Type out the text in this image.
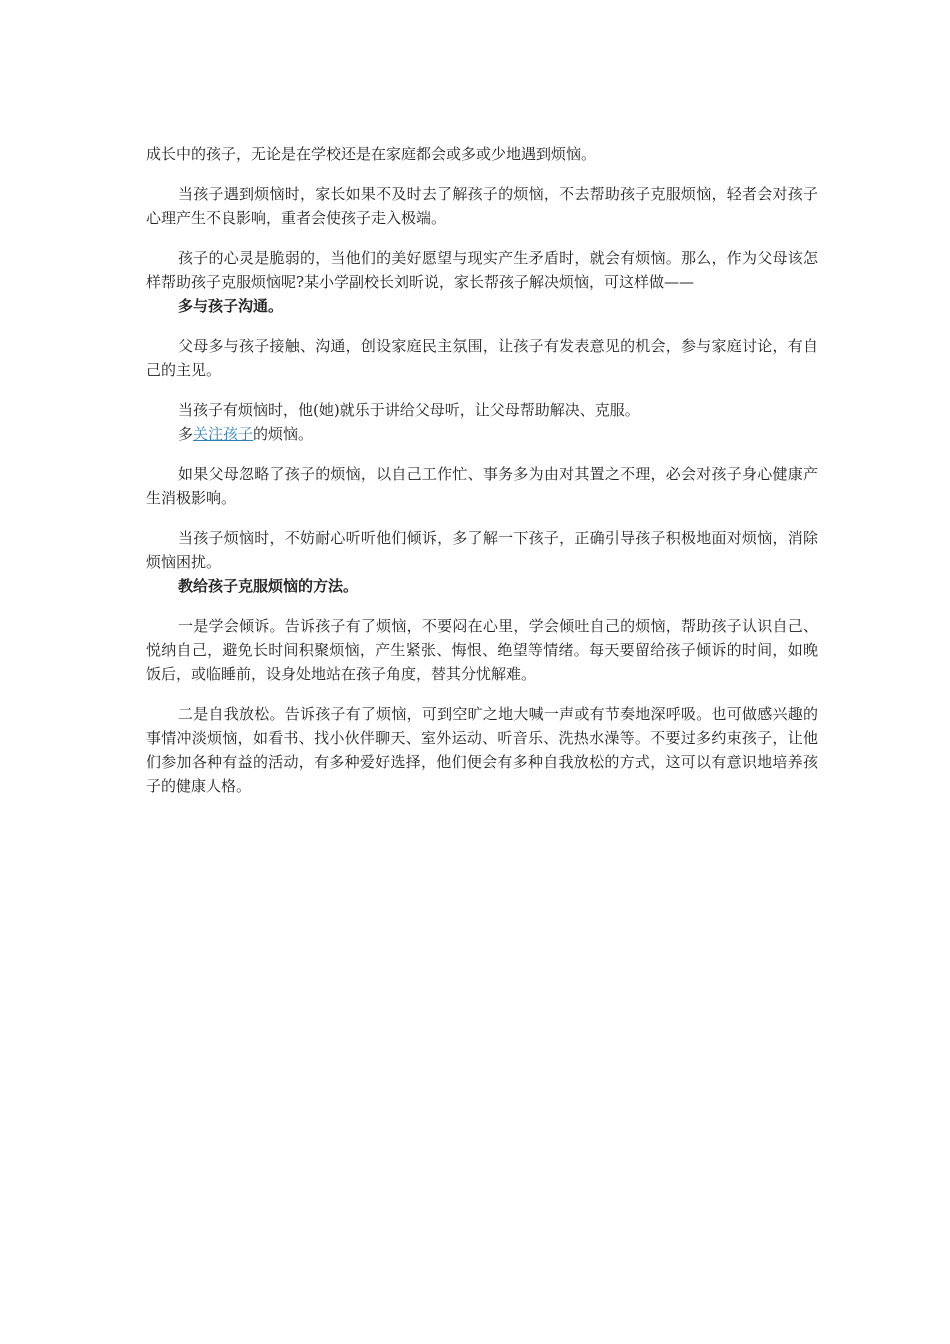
成长中的孩子，无论是在学校还是在家庭都会或多或少地遇到烦恼。

当孩子遇到烦恼时，家长如果不及时去了解孩子的烦恼，不去帮助孩子克服烦恼，轻者会对孩子心理产生不良影响，重者会使孩子走入极端。

孩子的心灵是脆弱的，当他们的美好愿望与现实产生矛盾时，就会有烦恼。那么，作为父母该怎样帮助孩子克服烦恼呢?某小学副校长刘昕说，家长帮孩子解决烦恼，可这样做——

多与孩子沟通。

父母多与孩子接触、沟通，创设家庭民主氛围，让孩子有发表意见的机会，参与家庭讨论，有自己的主见。

当孩子有烦恼时，他(她)就乐于讲给父母听，让父母帮助解决、克服。

多关注孩子的烦恼。

如果父母忽略了孩子的烦恼，以自己工作忙、事务多为由对其置之不理，必会对孩子身心健康产生消极影响。

当孩子烦恼时，不妨耐心听听他们倾诉，多了解一下孩子，正确引导孩子积极地面对烦恼，消除烦恼困扰。

教给孩子克服烦恼的方法。

一是学会倾诉。告诉孩子有了烦恼，不要闷在心里，学会倾吐自己的烦恼，帮助孩子认识自己、悦纳自己，避免长时间积聚烦恼，产生紧张、悔恨、绝望等情绪。每天要留给孩子倾诉的时间，如晚饭后，或临睡前，设身处地站在孩子角度，替其分忧解难。

二是自我放松。告诉孩子有了烦恼，可到空旷之地大喊一声或有节奏地深呼吸。也可做感兴趣的事情冲淡烦恼，如看书、找小伙伴聊天、室外运动、听音乐、洗热水澡等。不要过多约束孩子，让他们参加各种有益的活动，有多种爱好选择，他们便会有多种自我放松的方式，这可以有意识地培养孩子的健康人格。
